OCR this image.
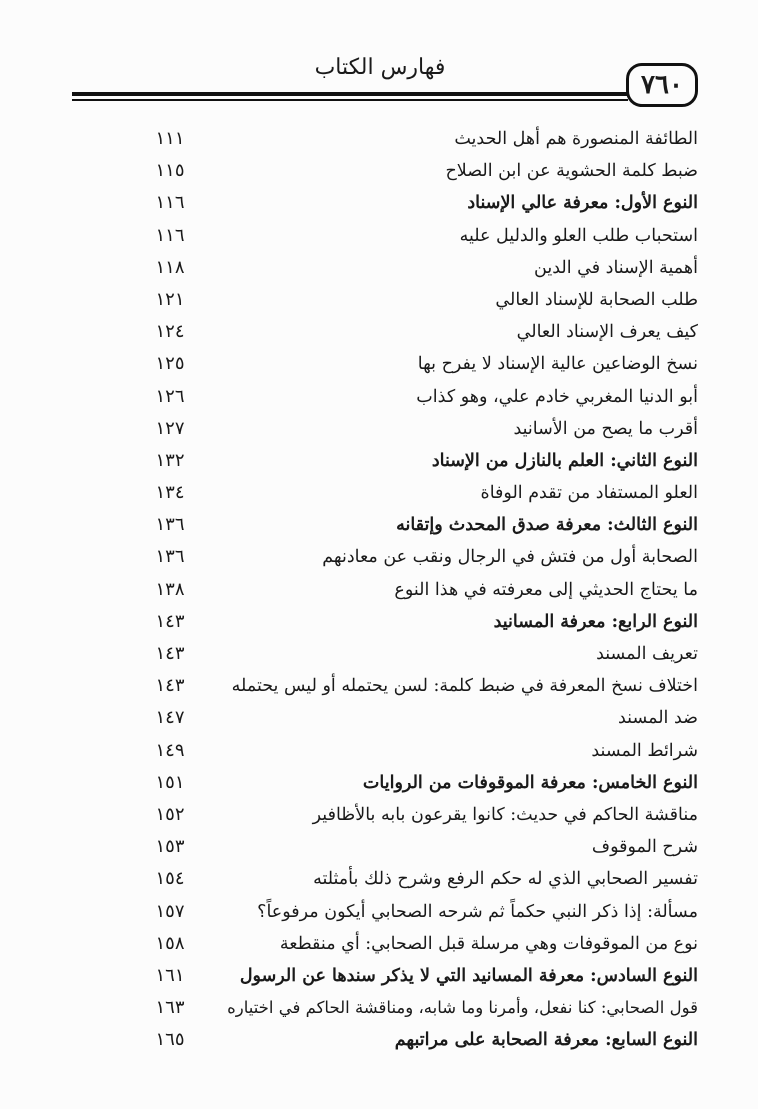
فهارس الكتاب
٧٦٠
الطائفة المنصورة هم أهل الحديث
١١١
ضبط كلمة الحشوية عن ابن الصلاح
١١٥
النوع الأول: معرفة عالي الإسناد
١١٦
استحباب طلب العلو والدليل عليه
١١٦
أهمية الإسناد في الدين
١١٨
طلب الصحابة للإسناد العالي
١٢١
كيف يعرف الإسناد العالي
١٢٤
نسخ الوضاعين عالية الإسناد لا يفرح بها
١٢٥
أبو الدنيا المغربي خادم علي، وهو كذاب
١٢٦
أقرب ما يصح من الأسانيد
١٢٧
النوع الثاني: العلم بالنازل من الإسناد
١٣٢
العلو المستفاد من تقدم الوفاة
١٣٤
النوع الثالث: معرفة صدق المحدث وإتقانه
١٣٦
الصحابة أول من فتش في الرجال ونقب عن معادنهم
١٣٦
ما يحتاج الحديثي إلى معرفته في هذا النوع
١٣٨
النوع الرابع: معرفة المسانيد
١٤٣
تعريف المسند
١٤٣
اختلاف نسخ المعرفة في ضبط كلمة: لسن يحتمله أو ليس يحتمله
١٤٣
ضد المسند
١٤٧
شرائط المسند
١٤٩
النوع الخامس: معرفة الموقوفات من الروايات
١٥١
مناقشة الحاكم في حديث: كانوا يقرعون بابه بالأظافير
١٥٢
شرح الموقوف
١٥٣
تفسير الصحابي الذي له حكم الرفع وشرح ذلك بأمثلته
١٥٤
مسألة: إذا ذكر النبي حكماً ثم شرحه الصحابي أيكون مرفوعاً؟
١٥٧
نوع من الموقوفات وهي مرسلة قبل الصحابي: أي منقطعة
١٥٨
النوع السادس: معرفة المسانيد التي لا يذكر سندها عن الرسول
١٦١
قول الصحابي: كنا نفعل، وأمرنا وما شابه، ومناقشة الحاكم في اختياره
١٦٣
النوع السابع: معرفة الصحابة على مراتبهم
١٦٥
